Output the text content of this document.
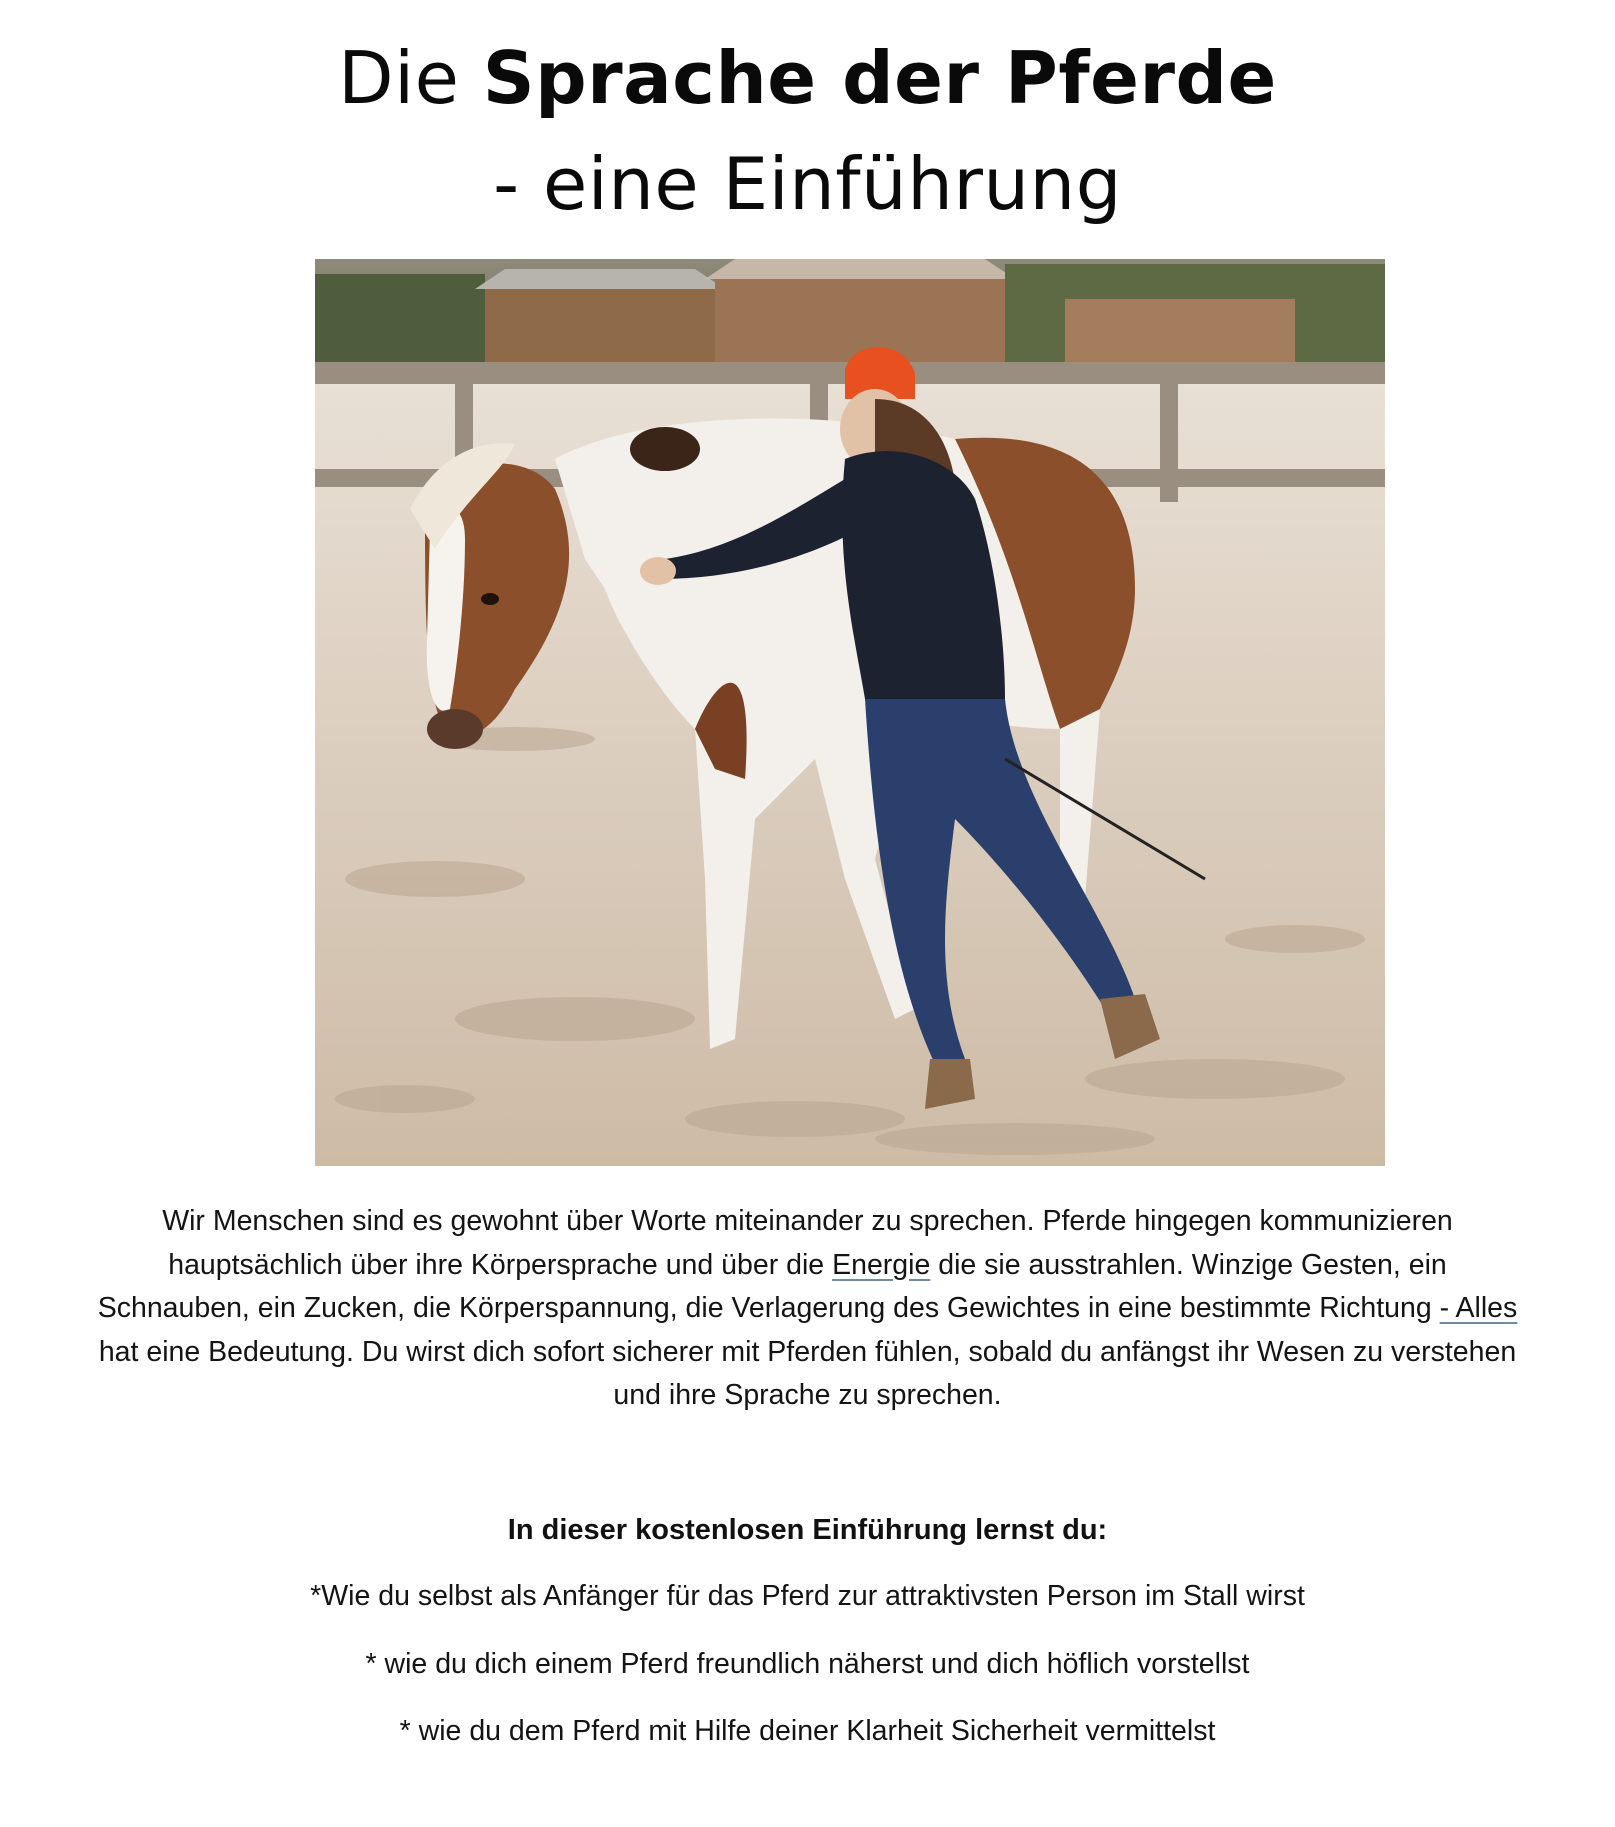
Die Sprache der Pferde
- eine Einführung
Wir Menschen sind es gewohnt über Worte miteinander zu sprechen. Pferde hingegen kommunizieren hauptsächlich über ihre Körpersprache und über die Energie die sie ausstrahlen. Winzige Gesten, ein Schnauben, ein Zucken, die Körperspannung, die Verlagerung des Gewichtes in eine bestimmte Richtung - Alles hat eine Bedeutung. Du wirst dich sofort sicherer mit Pferden fühlen, sobald du anfängst ihr Wesen zu verstehen und ihre Sprache zu sprechen.
In dieser kostenlosen Einführung lernst du:
*Wie du selbst als Anfänger für das Pferd zur attraktivsten Person im Stall wirst
* wie du dich einem Pferd freundlich näherst und dich höflich vorstellst
* wie du dem Pferd mit Hilfe deiner Klarheit Sicherheit vermittelst
